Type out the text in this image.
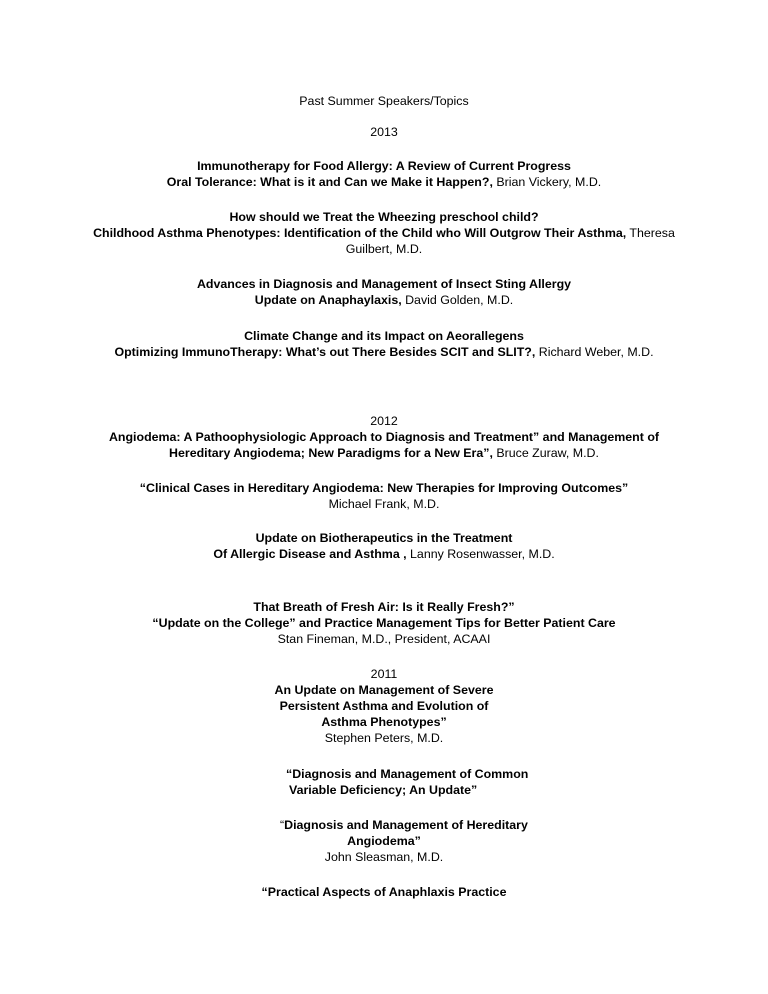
Past Summer Speakers/Topics
2013
Immunotherapy for Food Allergy: A Review of Current Progress
Oral Tolerance: What is it and Can we Make it Happen?, Brian Vickery, M.D.
How should we Treat the Wheezing preschool child?
Childhood Asthma Phenotypes: Identification of the Child who Will Outgrow Their Asthma, Theresa
Guilbert, M.D.
Advances in Diagnosis and Management of Insect Sting Allergy
Update on Anaphaylaxis, David Golden, M.D.
Climate Change and its Impact on Aeorallegens
Optimizing ImmunoTherapy: What’s out There Besides SCIT and SLIT?, Richard Weber, M.D.
2012
Angiodema: A Pathoophysiologic Approach to Diagnosis and Treatment” and Management of
Hereditary Angiodema; New Paradigms for a New Era”, Bruce Zuraw, M.D.
“Clinical Cases in Hereditary Angiodema: New Therapies for Improving Outcomes”
Michael Frank, M.D.
Update on Biotherapeutics in the Treatment
Of Allergic Disease and Asthma , Lanny Rosenwasser, M.D.
That Breath of Fresh Air: Is it Really Fresh?”
“Update on the College” and Practice Management Tips for Better Patient Care
Stan Fineman, M.D., President, ACAAI
2011
An Update on Management of Severe
Persistent Asthma and Evolution of
Asthma Phenotypes”
Stephen Peters, M.D.
“Diagnosis and Management of Common
Variable Deficiency; An Update”
“Diagnosis and Management of Hereditary
Angiodema”
John Sleasman, M.D.
“Practical Aspects of Anaphlaxis Practice
